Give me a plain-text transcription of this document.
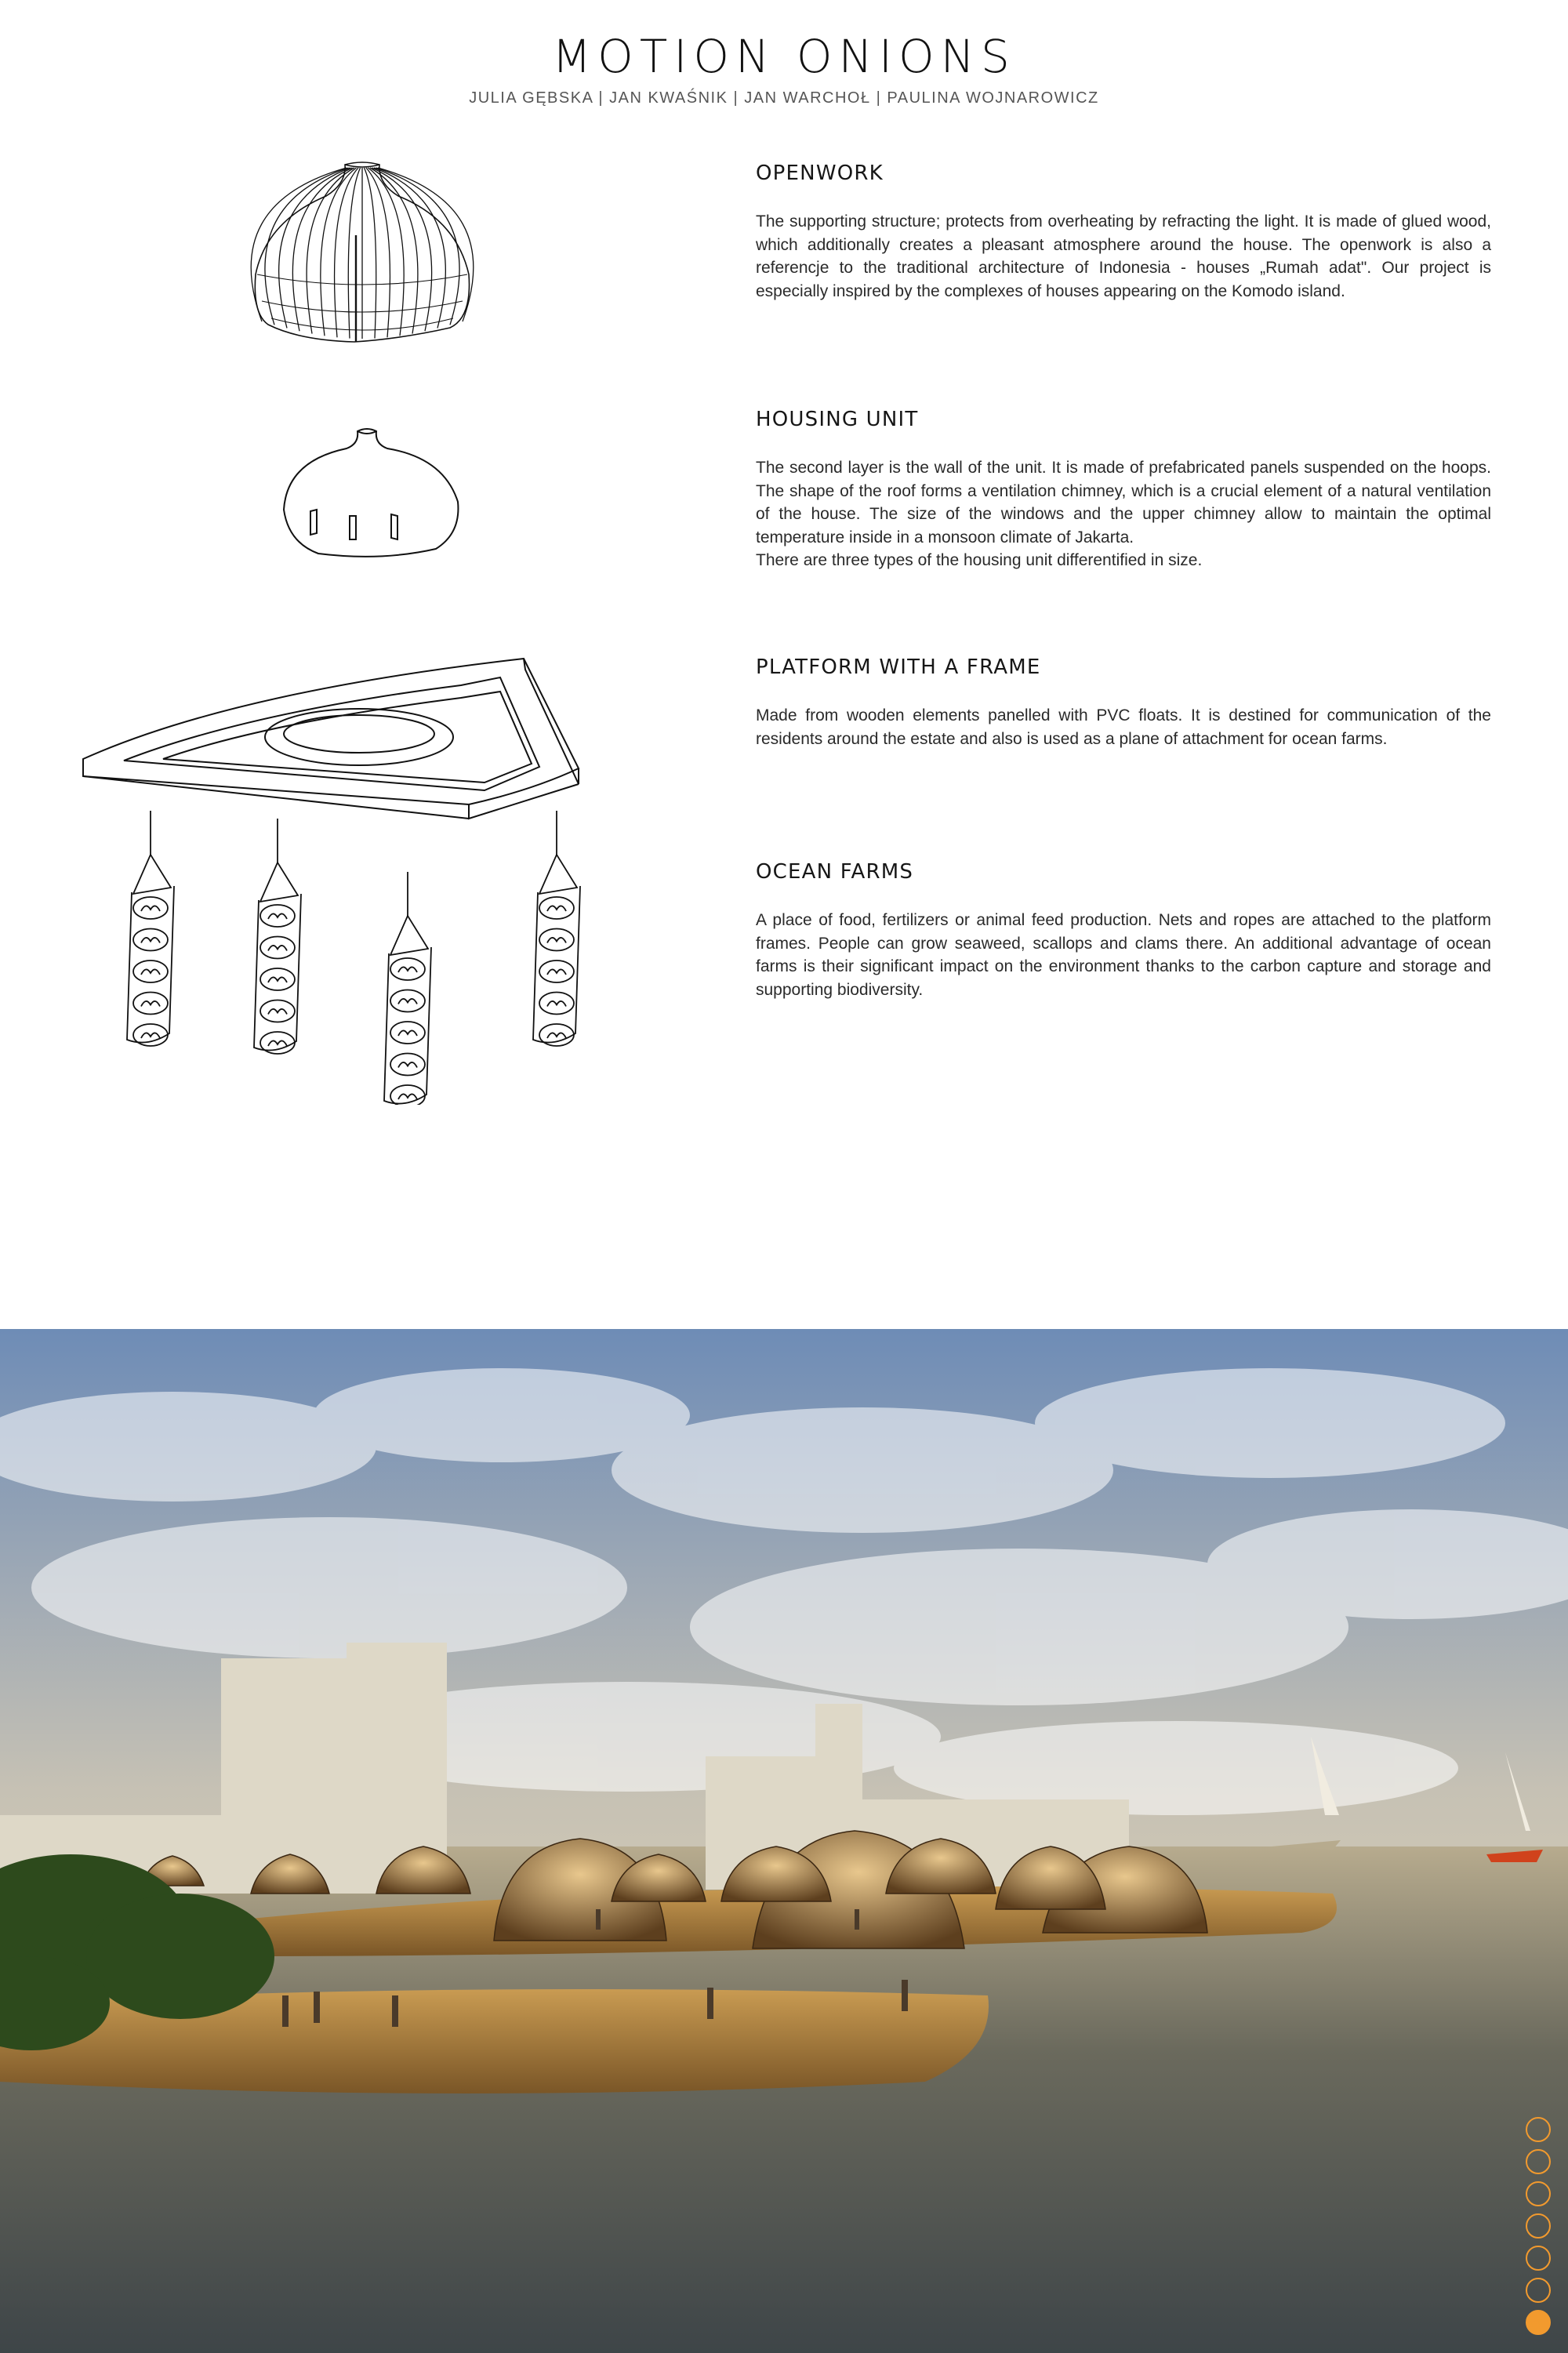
MOTION ONIONS
JULIA GĘBSKA | JAN KWAŚNIK | JAN WARCHOŁ | PAULINA WOJNAROWICZ
OPENWORK
The supporting structure; protects from overheating by refracting the light. It is made of glued wood, which additionally creates a pleasant atmosphere around the house. The openwork is also a referencje to the traditional architecture of Indonesia - houses „Rumah adat". Our project is especially inspired by the complexes of houses appearing on the Komodo island.
HOUSING UNIT
The second layer is the wall of the unit. It is made of prefabricated panels suspended on the hoops. The shape of the roof forms a ventilation chimney, which is a crucial element of a natural ventilation of the house. The size of the windows and the upper chimney allow to maintain the optimal temperature inside in a monsoon climate of Jakarta.
There are three types of the housing unit differentified in size.
PLATFORM WITH A FRAME
Made from wooden elements panelled with PVC floats. It is destined for communication of the residents around the estate and also is used as a plane of attachment for ocean farms.
OCEAN FARMS
A place of food, fertilizers or animal feed production. Nets and ropes are attached to the platform frames. People can grow seaweed, scallops and clams there. An additional advantage of ocean farms is their significant impact on the environment thanks to the carbon capture and storage and supporting biodiversity.
